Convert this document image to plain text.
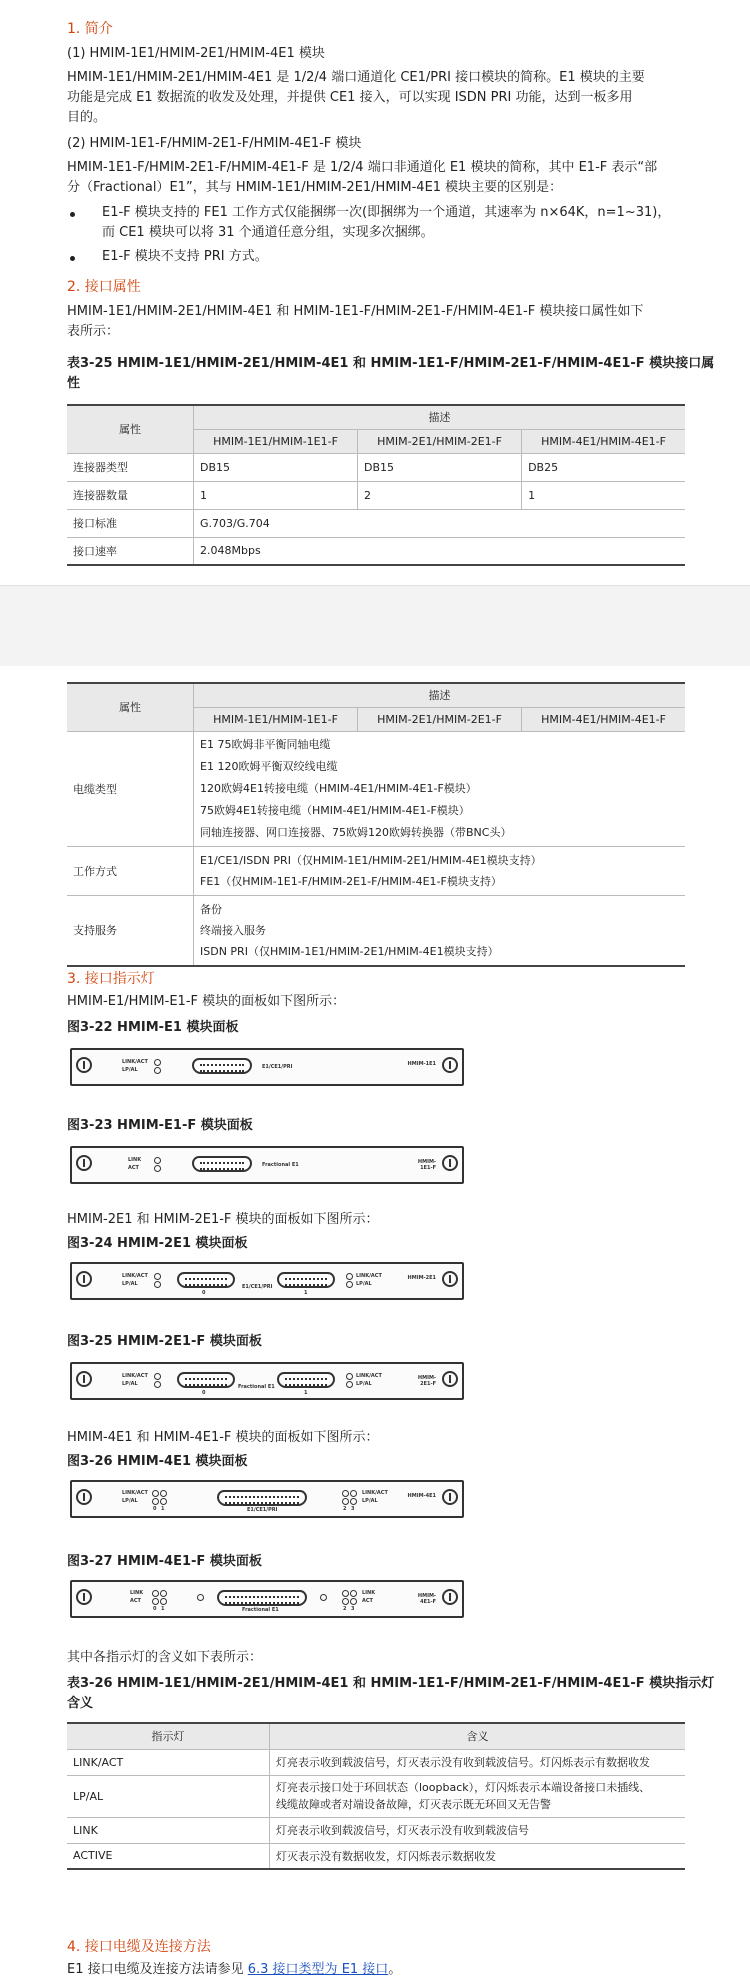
1. 简介
(1) HMIM-1E1/HMIM-2E1/HMIM-4E1 模块
HMIM-1E1/HMIM-2E1/HMIM-4E1 是 1/2/4 端口通道化 CE1/PRI 接口模块的简称。E1 模块的主要
功能是完成 E1 数据流的收发及处理，并提供 CE1 接入，可以实现 ISDN PRI 功能，达到一板多用
目的。
(2) HMIM-1E1-F/HMIM-2E1-F/HMIM-4E1-F 模块
HMIM-1E1-F/HMIM-2E1-F/HMIM-4E1-F 是 1/2/4 端口非通道化 E1 模块的简称，其中 E1-F 表示“部
分（Fractional）E1”，其与 HMIM-1E1/HMIM-2E1/HMIM-4E1 模块主要的区别是：
E1-F 模块支持的 FE1 工作方式仅能捆绑一次(即捆绑为一个通道，其速率为 n×64K，n=1~31)，
而 CE1 模块可以将 31 个通道任意分组，实现多次捆绑。
E1-F 模块不支持 PRI 方式。
2. 接口属性
HMIM-1E1/HMIM-2E1/HMIM-4E1 和 HMIM-1E1-F/HMIM-2E1-F/HMIM-4E1-F 模块接口属性如下
表所示：
表3-25 HMIM-1E1/HMIM-2E1/HMIM-4E1 和 HMIM-1E1-F/HMIM-2E1-F/HMIM-4E1-F 模块接口属
性
属性	描述		
	HMIM-1E1/HMIM-1E1-F	HMIM-2E1/HMIM-2E1-F	HMIM-4E1/HMIM-4E1-F
连接器类型	DB15	DB15	DB25
连接器数量	1	2	1
接口标准	G.703/G.704		
接口速率	2.048Mbps		
属性	描述		
	HMIM-1E1/HMIM-1E1-F	HMIM-2E1/HMIM-2E1-F	HMIM-4E1/HMIM-4E1-F
电缆类型	E1 75欧姆非平衡同轴电缆
E1 120欧姆平衡双绞线电缆
120欧姆4E1转接电缆（HMIM-4E1/HMIM-4E1-F模块）
75欧姆4E1转接电缆（HMIM-4E1/HMIM-4E1-F模块）
同轴连接器、网口连接器、75欧姆120欧姆转换器（带BNC头）		

工作方式	E1/CE1/ISDN PRI（仅HMIM-1E1/HMIM-2E1/HMIM-4E1模块支持）
FE1（仅HMIM-1E1-F/HMIM-2E1-F/HMIM-4E1-F模块支持）		

支持服务	备份
终端接入服务
ISDN PRI（仅HMIM-1E1/HMIM-2E1/HMIM-4E1模块支持）		
3. 接口指示灯
HMIM-E1/HMIM-E1-F 模块的面板如下图所示：
图3-22 HMIM-E1 模块面板
LINK/ACT
LP/AL	E1/CE1/PRI	HMIM-1E1
图3-23 HMIM-E1-F 模块面板
LINK
ACT	Fractional E1	HMIM-1E1-F
HMIM-2E1 和 HMIM-2E1-F 模块的面板如下图所示：
图3-24 HMIM-2E1 模块面板
LINK/ACT
LP/AL
0
E1/CE1/PRI
1
LINK/ACT
LP/AL
HMIM-2E1
图3-25 HMIM-2E1-F 模块面板
LINK/ACT
LP/AL
0
Fractional E1
1
LINK/ACT
LP/AL
HMIM-2E1-F
HMIM-4E1 和 HMIM-4E1-F 模块的面板如下图所示：
图3-26 HMIM-4E1 模块面板
LINK/ACT
LP/AL
0 1	E1/CE1/PRI	2 3
LINK/ACT
LP/AL
HMIM-4E1
图3-27 HMIM-4E1-F 模块面板
LINK
ACT
0 1	Fractional E1	2 3
LINK
ACT
HMIM-4E1-F
其中各指示灯的含义如下表所示：
表3-26 HMIM-1E1/HMIM-2E1/HMIM-4E1 和 HMIM-1E1-F/HMIM-2E1-F/HMIM-4E1-F 模块指示灯
含义
指示灯	含义
LINK/ACT	灯亮表示收到载波信号，灯灭表示没有收到载波信号。灯闪烁表示有数据收发
LP/AL	灯亮表示接口处于环回状态（loopback），灯闪烁表示本端设备接口未插线、
线缆故障或者对端设备故障，灯灭表示既无环回又无告警

LINK	灯亮表示收到载波信号，灯灭表示没有收到载波信号
ACTIVE	灯灭表示没有数据收发，灯闪烁表示数据收发
4. 接口电缆及连接方法
E1 接口电缆及连接方法请参见 6.3 接口类型为 E1 接口。
